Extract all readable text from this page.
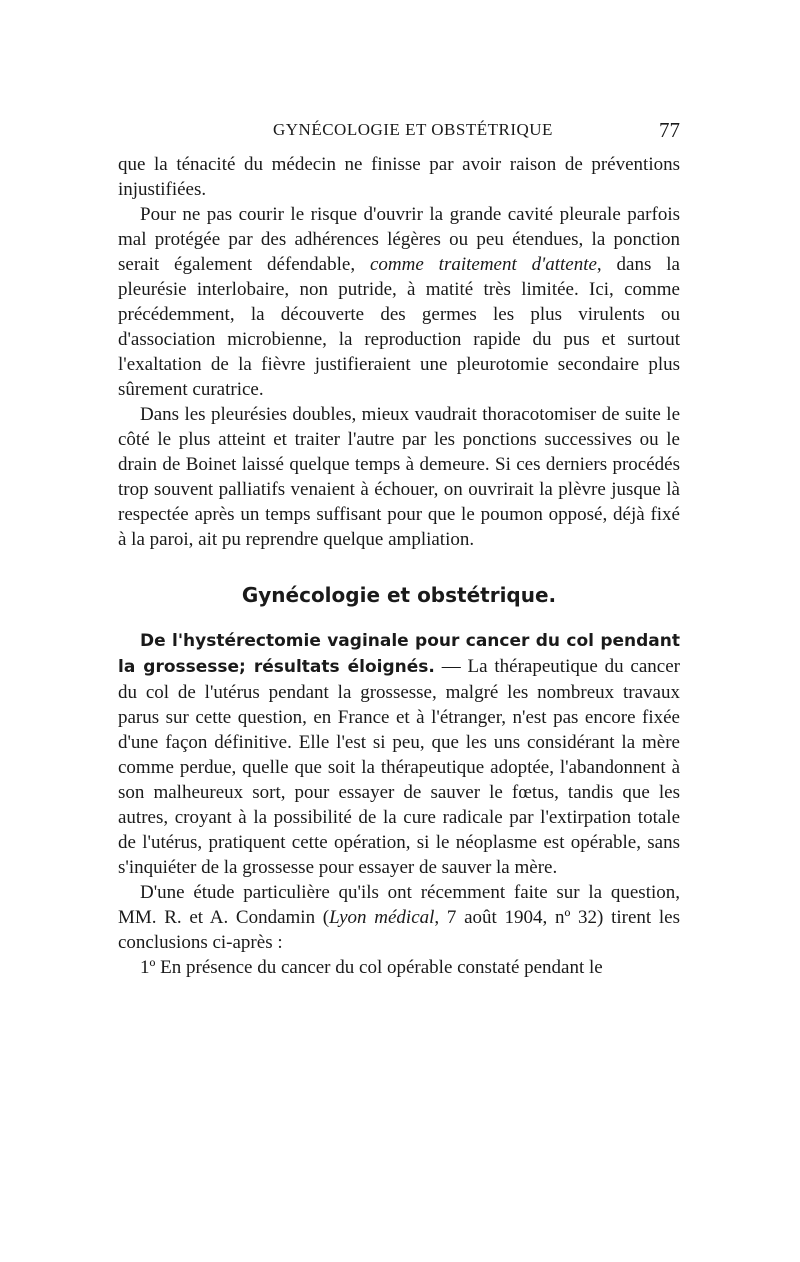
GYNÉCOLOGIE ET OBSTÉTRIQUE	77

que la ténacité du médecin ne finisse par avoir raison de préventions injustifiées.

Pour ne pas courir le risque d'ouvrir la grande cavité pleurale parfois mal protégée par des adhérences légères ou peu étendues, la ponction serait également défendable, comme traitement d'attente, dans la pleurésie interlobaire, non putride, à matité très limitée. Ici, comme précédemment, la découverte des germes les plus virulents ou d'association microbienne, la reproduction rapide du pus et surtout l'exaltation de la fièvre justifieraient une pleurotomie secondaire plus sûrement curatrice.

Dans les pleurésies doubles, mieux vaudrait thoracotomiser de suite le côté le plus atteint et traiter l'autre par les ponctions successives ou le drain de Boinet laissé quelque temps à demeure. Si ces derniers procédés trop souvent palliatifs venaient à échouer, on ouvrirait la plèvre jusque là respectée après un temps suffisant pour que le poumon opposé, déjà fixé à la paroi, ait pu reprendre quelque ampliation.

Gynécologie et obstétrique.

De l'hystérectomie vaginale pour cancer du col pendant la grossesse; résultats éloignés. — La thérapeutique du cancer du col de l'utérus pendant la grossesse, malgré les nombreux travaux parus sur cette question, en France et à l'étranger, n'est pas encore fixée d'une façon définitive. Elle l'est si peu, que les uns considérant la mère comme perdue, quelle que soit la thérapeutique adoptée, l'abandonnent à son malheureux sort, pour essayer de sauver le fœtus, tandis que les autres, croyant à la possibilité de la cure radicale par l'extirpation totale de l'utérus, pratiquent cette opération, si le néoplasme est opérable, sans s'inquiéter de la grossesse pour essayer de sauver la mère.

D'une étude particulière qu'ils ont récemment faite sur la question, MM. R. et A. Condamin (Lyon médical, 7 août 1904, nº 32) tirent les conclusions ci-après :

1º En présence du cancer du col opérable constaté pendant le
